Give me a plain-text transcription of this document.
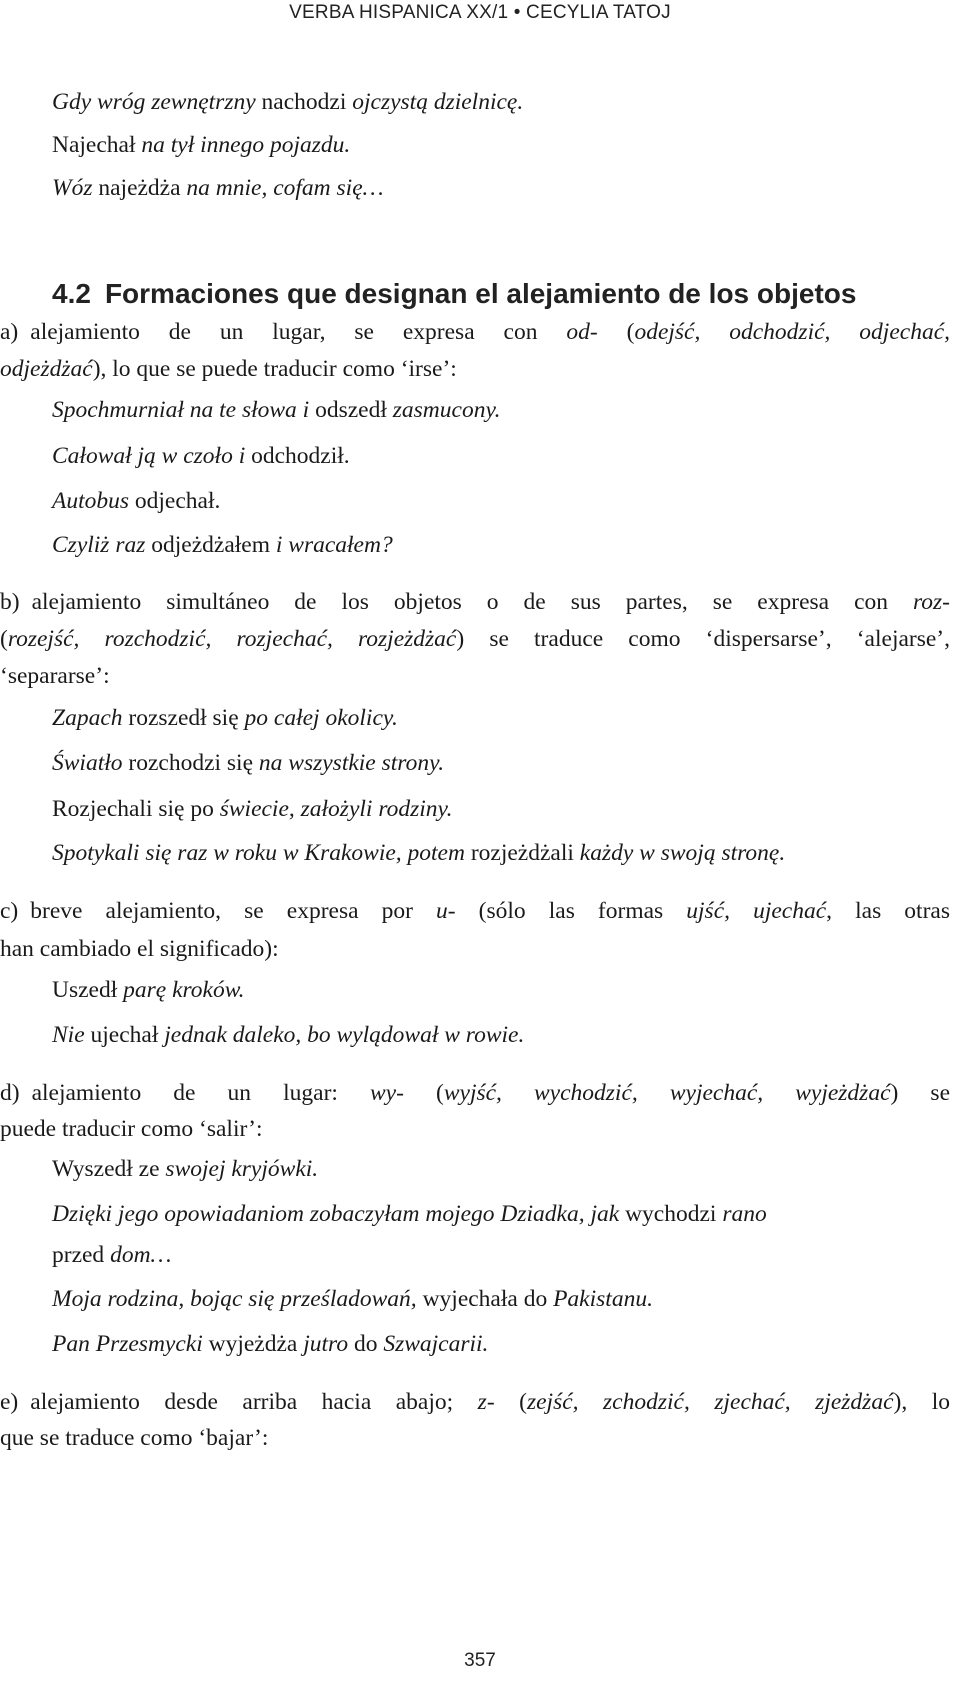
VERBA HISPANICA XX/1 • CECYLIA TATOJ
4.2 Formaciones que designan el alejamiento de los objetos
Gdy wróg zewnętrzny nachodzi ojczystą dzielnicę.
Najechał na tył innego pojazdu.
Wóz najeżdża na mnie, cofam się…
a) alejamiento de un lugar, se expresa con od- (odejść, odchodzić, odjechać,
odjeżdżać), lo que se puede traducir como ‘irse’:
Spochmurniał na te słowa i odszedł zasmucony.
Całował ją w czoło i odchodził.
Autobus odjechał.
Czyliż raz odjeżdżałem i wracałem?
b) alejamiento simultáneo de los objetos o de sus partes, se expresa con roz-
(rozejść, rozchodzić, rozjechać, rozjeżdżać) se traduce como ‘dispersarse’, ‘alejarse’,
‘separarse’:
Zapach rozszedł się po całej okolicy.
Światło rozchodzi się na wszystkie strony.
Rozjechali się po świecie, założyli rodziny.
Spotykali się raz w roku w Krakowie, potem rozjeżdżali każdy w swoją stronę.
c) breve alejamiento, se expresa por u- (sólo las formas ujść, ujechać, las otras
han cambiado el significado):
Uszedł parę kroków.
Nie ujechał jednak daleko, bo wylądował w rowie.
d) alejamiento de un lugar: wy- (wyjść, wychodzić, wyjechać, wyjeżdżać) se
puede traducir como ‘salir’:
Wyszedł ze swojej kryjówki.
Dzięki jego opowiadaniom zobaczyłam mojego Dziadka, jak wychodzi rano
przed dom…
Moja rodzina, bojąc się prześladowań, wyjechała do Pakistanu.
Pan Przesmycki wyjeżdża jutro do Szwajcarii.
e) alejamiento desde arriba hacia abajo; z- (zejść, zchodzić, zjechać, zjeżdżać), lo
que se traduce como ‘bajar’:
357
